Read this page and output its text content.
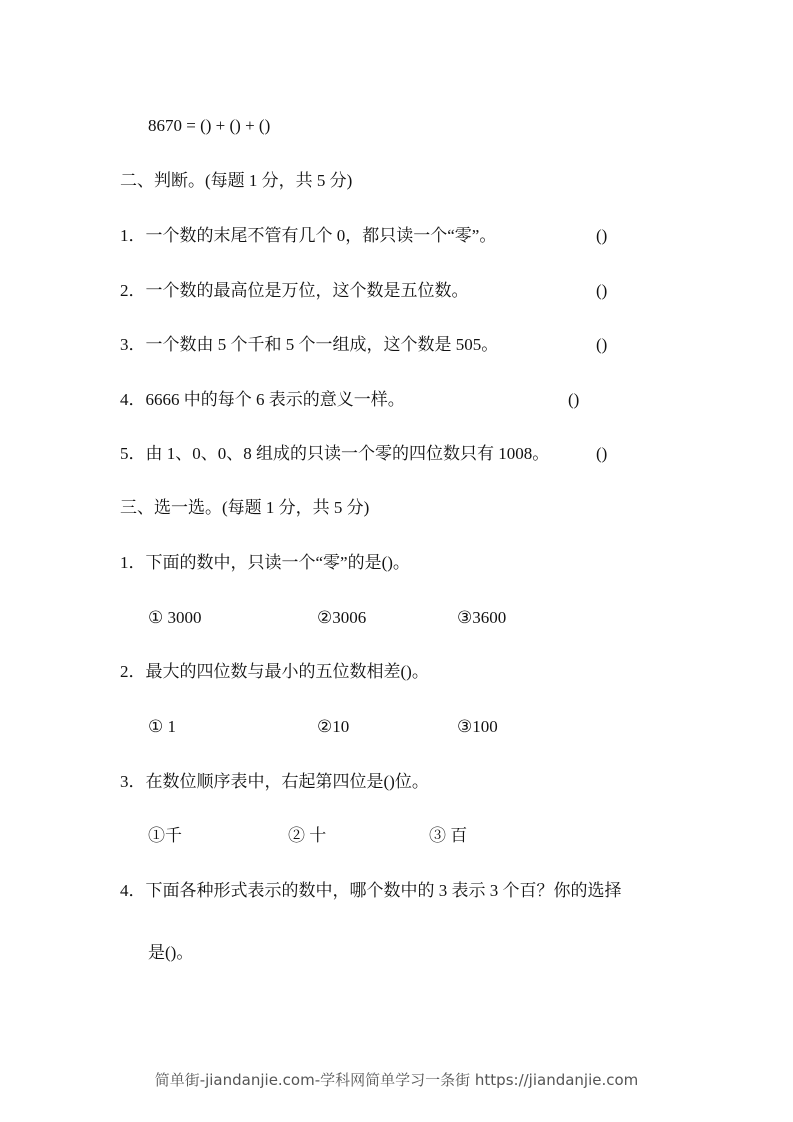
8670 = () + () + ()
二、判断。(每题 1 分，共 5 分)
1．一个数的末尾不管有几个 0，都只读一个“零”。	()
2．一个数的最高位是万位，这个数是五位数。	()
3．一个数由 5 个千和 5 个一组成，这个数是 505。	()
4．6666 中的每个 6 表示的意义一样。	()
5．由 1、0、0、8 组成的只读一个零的四位数只有 1008。	()
三、选一选。(每题 1 分，共 5 分)
1．下面的数中，只读一个“零”的是()。
① 3000	②3006	③3600
2．最大的四位数与最小的五位数相差()。
① 1	②10	③100
3．在数位顺序表中，右起第四位是()位。
①千	② 十	③ 百
4．下面各种形式表示的数中，哪个数中的 3 表示 3 个百？你的选择
是()。
简单街-jiandanjie.com-学科网简单学习一条街 https://jiandanjie.com
